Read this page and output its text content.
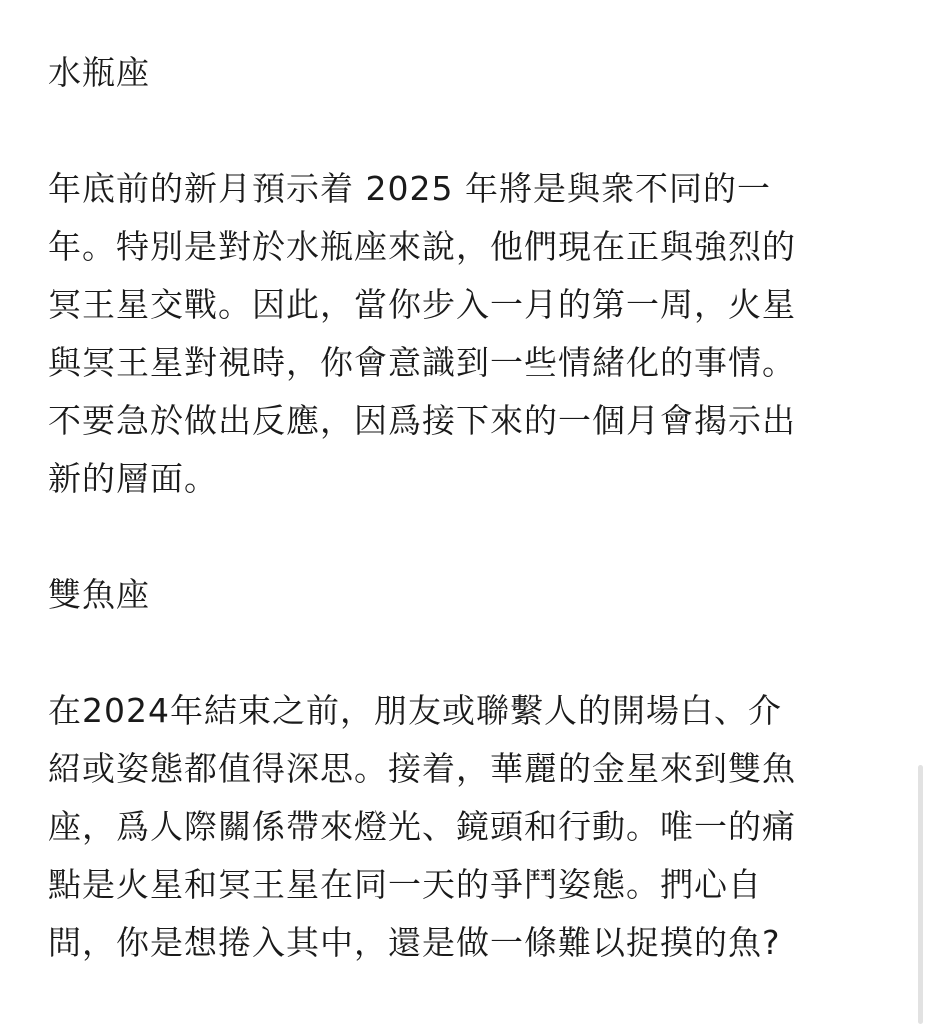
水瓶座

年底前的新月預示着 2025 年將是與衆不同的一
年。特別是對於水瓶座來說，他們現在正與強烈的
冥王星交戰。因此，當你步入一月的第一周，火星
與冥王星對視時，你會意識到一些情緒化的事情。
不要急於做出反應，因爲接下來的一個月會揭示出
新的層面。

雙魚座

在2024年結束之前，朋友或聯繫人的開場白、介
紹或姿態都值得深思。接着，華麗的金星來到雙魚
座，爲人際關係帶來燈光、鏡頭和行動。唯一的痛
點是火星和冥王星在同一天的爭鬥姿態。捫心自
問，你是想捲入其中，還是做一條難以捉摸的魚?
